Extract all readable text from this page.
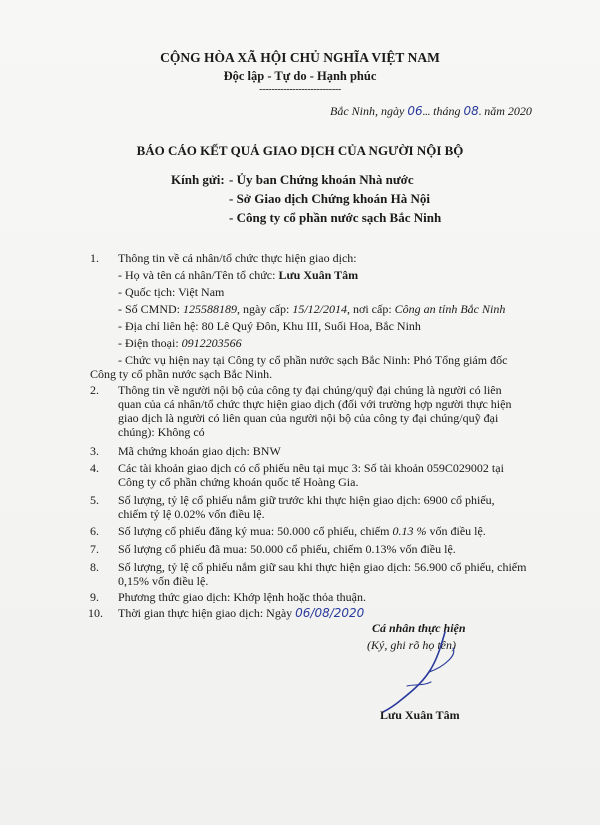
CỘNG HÒA XÃ HỘI CHỦ NGHĨA VIỆT NAM
Độc lập - Tự do - Hạnh phúc
---------------------------
Bắc Ninh, ngày 06... tháng 08. năm 2020
BÁO CÁO KẾT QUẢ GIAO DỊCH CỦA NGƯỜI NỘI BỘ
Kính gửi: - Ủy ban Chứng khoán Nhà nước
- Sở Giao dịch Chứng khoán Hà Nội
- Công ty cổ phần nước sạch Bắc Ninh
1. Thông tin về cá nhân/tổ chức thực hiện giao dịch:
- Họ và tên cá nhân/Tên tổ chức: Lưu Xuân Tâm
- Quốc tịch: Việt Nam
- Số CMND: 125588189, ngày cấp: 15/12/2014, nơi cấp: Công an tỉnh Bắc Ninh
- Địa chỉ liên hệ: 80 Lê Quý Đôn, Khu III, Suối Hoa, Bắc Ninh
- Điện thoại: 0912203566
- Chức vụ hiện nay tại Công ty cổ phần nước sạch Bắc Ninh: Phó Tổng giám đốc
Công ty cổ phần nước sạch Bắc Ninh.
2. Thông tin về người nội bộ của công ty đại chúng/quỹ đại chúng là người có liên
quan của cá nhân/tổ chức thực hiện giao dịch (đối với trường hợp người thực hiện
giao dịch là người có liên quan của người nội bộ của công ty đại chúng/quỹ đại
chúng): Không có
3. Mã chứng khoán giao dịch: BNW
4. Các tài khoản giao dịch có cổ phiếu nêu tại mục 3: Số tài khoản 059C029002 tại
Công ty cổ phần chứng khoán quốc tế Hoàng Gia.
5. Số lượng, tỷ lệ cổ phiếu nắm giữ trước khi thực hiện giao dịch: 6900 cổ phiếu,
chiếm tỷ lệ 0.02% vốn điều lệ.
6. Số lượng cổ phiếu đăng ký mua: 50.000 cổ phiếu, chiếm 0.13 % vốn điều lệ.
7. Số lượng cổ phiếu đã mua: 50.000 cổ phiếu, chiếm 0.13% vốn điều lệ.
8. Số lượng, tỷ lệ cổ phiếu nắm giữ sau khi thực hiện giao dịch: 56.900 cổ phiếu, chiếm
0,15% vốn điều lệ.
9. Phương thức giao dịch: Khớp lệnh hoặc thỏa thuận.
10. Thời gian thực hiện giao dịch: Ngày 06/08/2020
Cá nhân thực hiện
(Ký, ghi rõ họ tên)
Lưu Xuân Tâm
